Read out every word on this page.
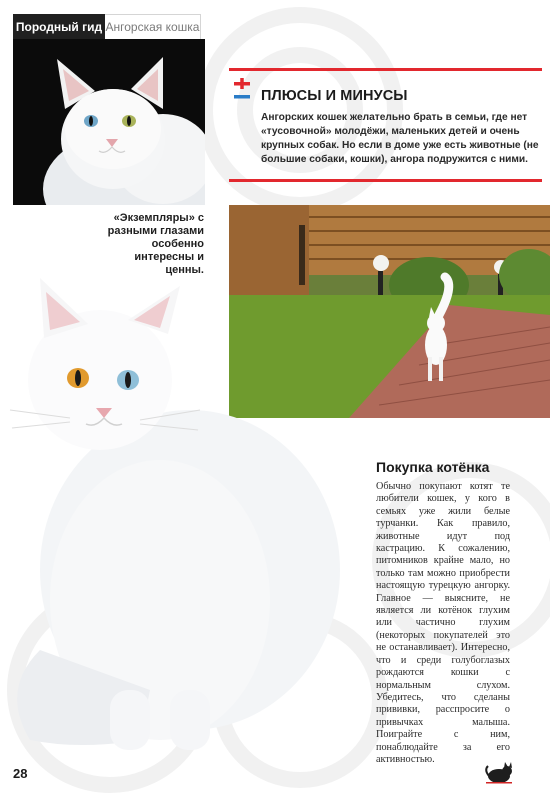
Породный гид Ангорская кошка
«Экземпляры» с разными глазами особенно интересны и ценны.
ПЛЮСЫ И МИНУСЫ
Ангорских кошек желательно брать в семьи, где нет «тусовочной» молодёжи, маленьких детей и очень крупных собак. Но если в доме уже есть животные (не большие собаки, кошки), ангора подружится с ними.
Покупка котёнка
Обычно покупают котят те любители кошек, у кого в семьях уже жили белые турчанки. Как правило, животные идут под кастрацию. К сожалению, питомников крайне мало, но только там можно приобрести настоящую турецкую ангорку. Главное — выясните, не является ли котёнок глухим или частично глухим (некоторых покупателей это не останавливает). Интересно, что и среди голубоглазых рождаются кошки с нормальным слухом. Убедитесь, что сделаны прививки, расспросите о привычках малыша. Поиграйте с ним, понаблюдайте за его активностью.
28
